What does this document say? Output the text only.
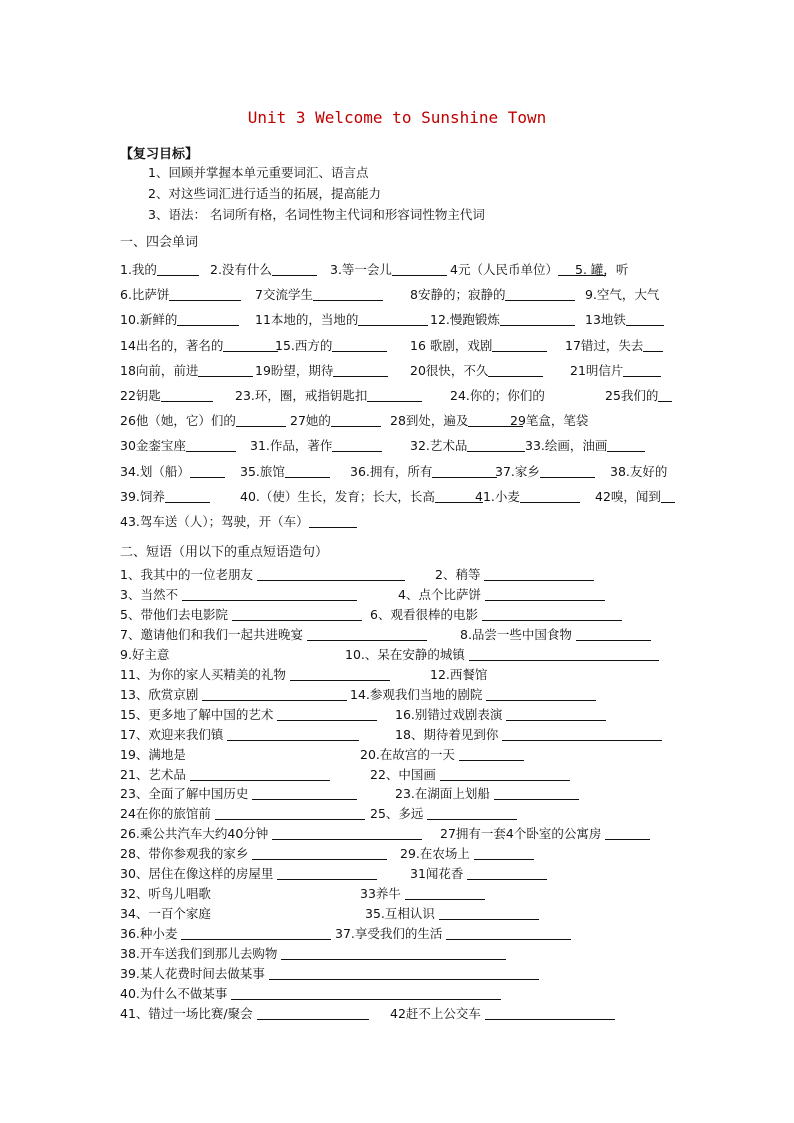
Unit 3 Welcome to Sunshine Town
【复习目标】
1、回顾并掌握本单元重要词汇、语言点
2、对这些词汇进行适当的拓展，提高能力
3、语法： 名词所有格，名词性物主代词和形容词性物主代词
一、四会单词
1.我的	2.没有什么	3.等一会儿	4元（人民币单位）	5. 罐，听
6.比萨饼	7交流学生	8安静的；寂静的	9.空气，大气
10.新鲜的	11本地的，当地的	12.慢跑锻炼	13地铁
14出名的，著名的	15.西方的	16 歌剧，戏剧	17错过，失去
18向前，前进	19盼望，期待	20很快，不久	21明信片
22钥匙	23.环，圈，戒指钥匙扣	24.你的；你们的	25我们的
26他（她，它）们的	27她的	28到处，遍及	29笔盒，笔袋
30金銮宝座	31.作品，著作	32.艺术品	33.绘画，油画
34.划（船）	35.旅馆	36.拥有，所有	37.家乡	38.友好的
39.饲养	40.（使）生长，发育；长大，长高	41.小麦	42嗅，闻到
43.驾车送（人）；驾驶，开（车）
二、短语（用以下的重点短语造句）
1、我其中的一位老朋友	2、稍等
3、当然不	4、点个比萨饼
5、带他们去电影院	6、观看很棒的电影
7、邀请他们和我们一起共进晚宴	8.品尝一些中国食物
9.好主意	10.、呆在安静的城镇
11、为你的家人买精美的礼物	12.西餐馆
13、欣赏京剧	14.参观我们当地的剧院
15、更多地了解中国的艺术	16.别错过戏剧表演
17、欢迎来我们镇	18、期待着见到你
19、满地是	20.在故宫的一天
21、艺术品	22、中国画
23、全面了解中国历史	23.在湖面上划船
24在你的旅馆前	25、多远
26.乘公共汽车大约40分钟	27拥有一套4个卧室的公寓房
28、带你参观我的家乡	29.在农场上
30、居住在像这样的房屋里	31闻花香
32、听鸟儿唱歌	33养牛
34、一百个家庭	35.互相认识
36.种小麦	37.享受我们的生活
38.开车送我们到那儿去购物
39.某人花费时间去做某事
40.为什么不做某事
41、错过一场比赛/聚会	42赶不上公交车
